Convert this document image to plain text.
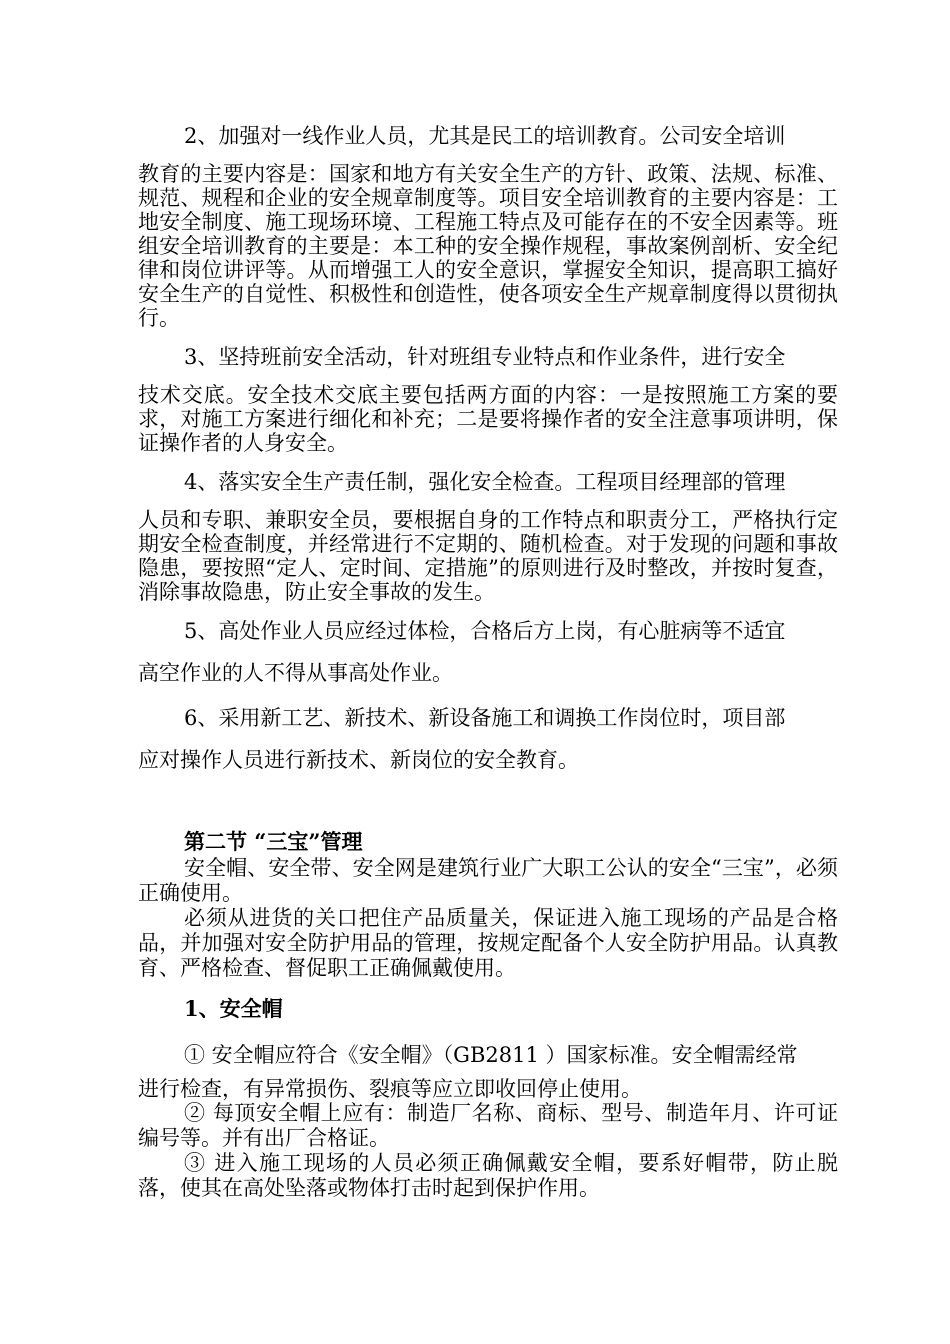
2、加强对一线作业人员，尤其是民工的培训教育。公司安全培训

教育的主要内容是：国家和地方有关安全生产的方针、政策、法规、标准、规范、规程和企业的安全规章制度等。项目安全培训教育的主要内容是：工地安全制度、施工现场环境、工程施工特点及可能存在的不安全因素等。班组安全培训教育的主要是：本工种的安全操作规程，事故案例剖析、安全纪律和岗位讲评等。从而增强工人的安全意识，掌握安全知识，提高职工搞好安全生产的自觉性、积极性和创造性，使各项安全生产规章制度得以贯彻执行。

3、坚持班前安全活动，针对班组专业特点和作业条件，进行安全

技术交底。安全技术交底主要包括两方面的内容：一是按照施工方案的要求，对施工方案进行细化和补充；二是要将操作者的安全注意事项讲明，保证操作者的人身安全。

4、落实安全生产责任制，强化安全检查。工程项目经理部的管理

人员和专职、兼职安全员，要根据自身的工作特点和职责分工，严格执行定期安全检查制度，并经常进行不定期的、随机检查。对于发现的问题和事故隐患，要按照“定人、定时间、定措施”的原则进行及时整改，并按时复查，消除事故隐患，防止安全事故的发生。

5、高处作业人员应经过体检，合格后方上岗，有心脏病等不适宜

高空作业的人不得从事高处作业。

6、采用新工艺、新技术、新设备施工和调换工作岗位时，项目部

应对操作人员进行新技术、新岗位的安全教育。

第二节 “三宝”管理

安全帽、安全带、安全网是建筑行业广大职工公认的安全“三宝”，必须正确使用。

必须从进货的关口把住产品质量关，保证进入施工现场的产品是合格品，并加强对安全防护用品的管理，按规定配备个人安全防护用品。认真教育、严格检查、督促职工正确佩戴使用。

1、安全帽

① 安全帽应符合《安全帽》（GB2811 ）国家标准。安全帽需经常

进行检查，有异常损伤、裂痕等应立即收回停止使用。

② 每顶安全帽上应有：制造厂名称、商标、型号、制造年月、许可证编号等。并有出厂合格证。

③ 进入施工现场的人员必须正确佩戴安全帽，要系好帽带，防止脱落，使其在高处坠落或物体打击时起到保护作用。
